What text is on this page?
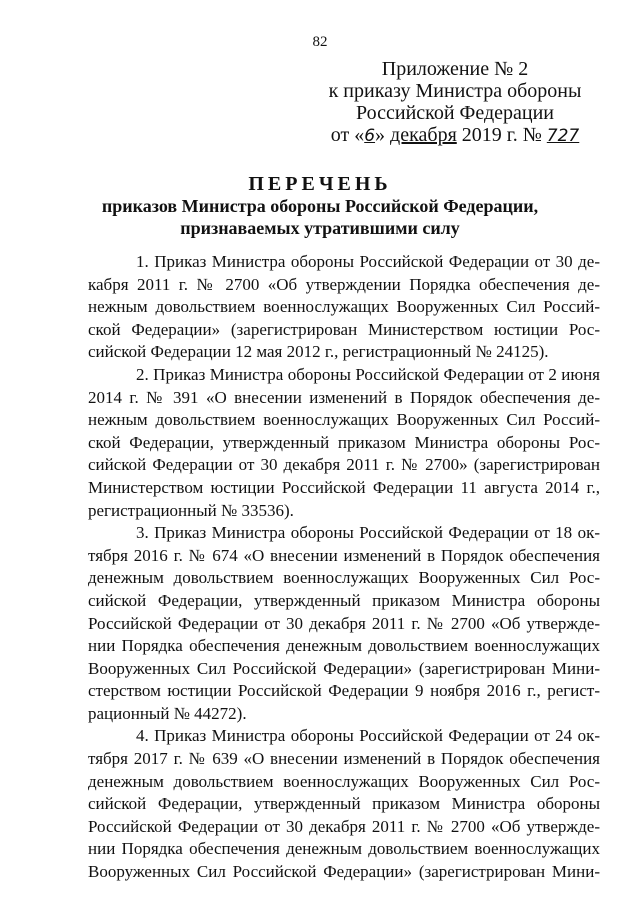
82
Приложение № 2
к приказу Министра обороны
Российской Федерации
от «6» декабря 2019 г. № 727
ПЕРЕЧЕНЬ
приказов Министра обороны Российской Федерации,
признаваемых утратившими силу
1. Приказ Министра обороны Российской Федерации от 30 де-
кабря 2011 г. № 2700 «Об утверждении Порядка обеспечения де-
нежным довольствием военнослужащих Вооруженных Сил Россий-
ской Федерации» (зарегистрирован Министерством юстиции Рос-
сийской Федерации 12 мая 2012 г., регистрационный № 24125).
2. Приказ Министра обороны Российской Федерации от 2 июня
2014 г. № 391 «О внесении изменений в Порядок обеспечения де-
нежным довольствием военнослужащих Вооруженных Сил Россий-
ской Федерации, утвержденный приказом Министра обороны Рос-
сийской Федерации от 30 декабря 2011 г. № 2700» (зарегистрирован
Министерством юстиции Российской Федерации 11 августа 2014 г.,
регистрационный № 33536).
3. Приказ Министра обороны Российской Федерации от 18 ок-
тября 2016 г. № 674 «О внесении изменений в Порядок обеспечения
денежным довольствием военнослужащих Вооруженных Сил Рос-
сийской Федерации, утвержденный приказом Министра обороны
Российской Федерации от 30 декабря 2011 г. № 2700 «Об утвержде-
нии Порядка обеспечения денежным довольствием военнослужащих
Вооруженных Сил Российской Федерации» (зарегистрирован Мини-
стерством юстиции Российской Федерации 9 ноября 2016 г., регист-
рационный № 44272).
4. Приказ Министра обороны Российской Федерации от 24 ок-
тября 2017 г. № 639 «О внесении изменений в Порядок обеспечения
денежным довольствием военнослужащих Вооруженных Сил Рос-
сийской Федерации, утвержденный приказом Министра обороны
Российской Федерации от 30 декабря 2011 г. № 2700 «Об утвержде-
нии Порядка обеспечения денежным довольствием военнослужащих
Вооруженных Сил Российской Федерации» (зарегистрирован Мини-
